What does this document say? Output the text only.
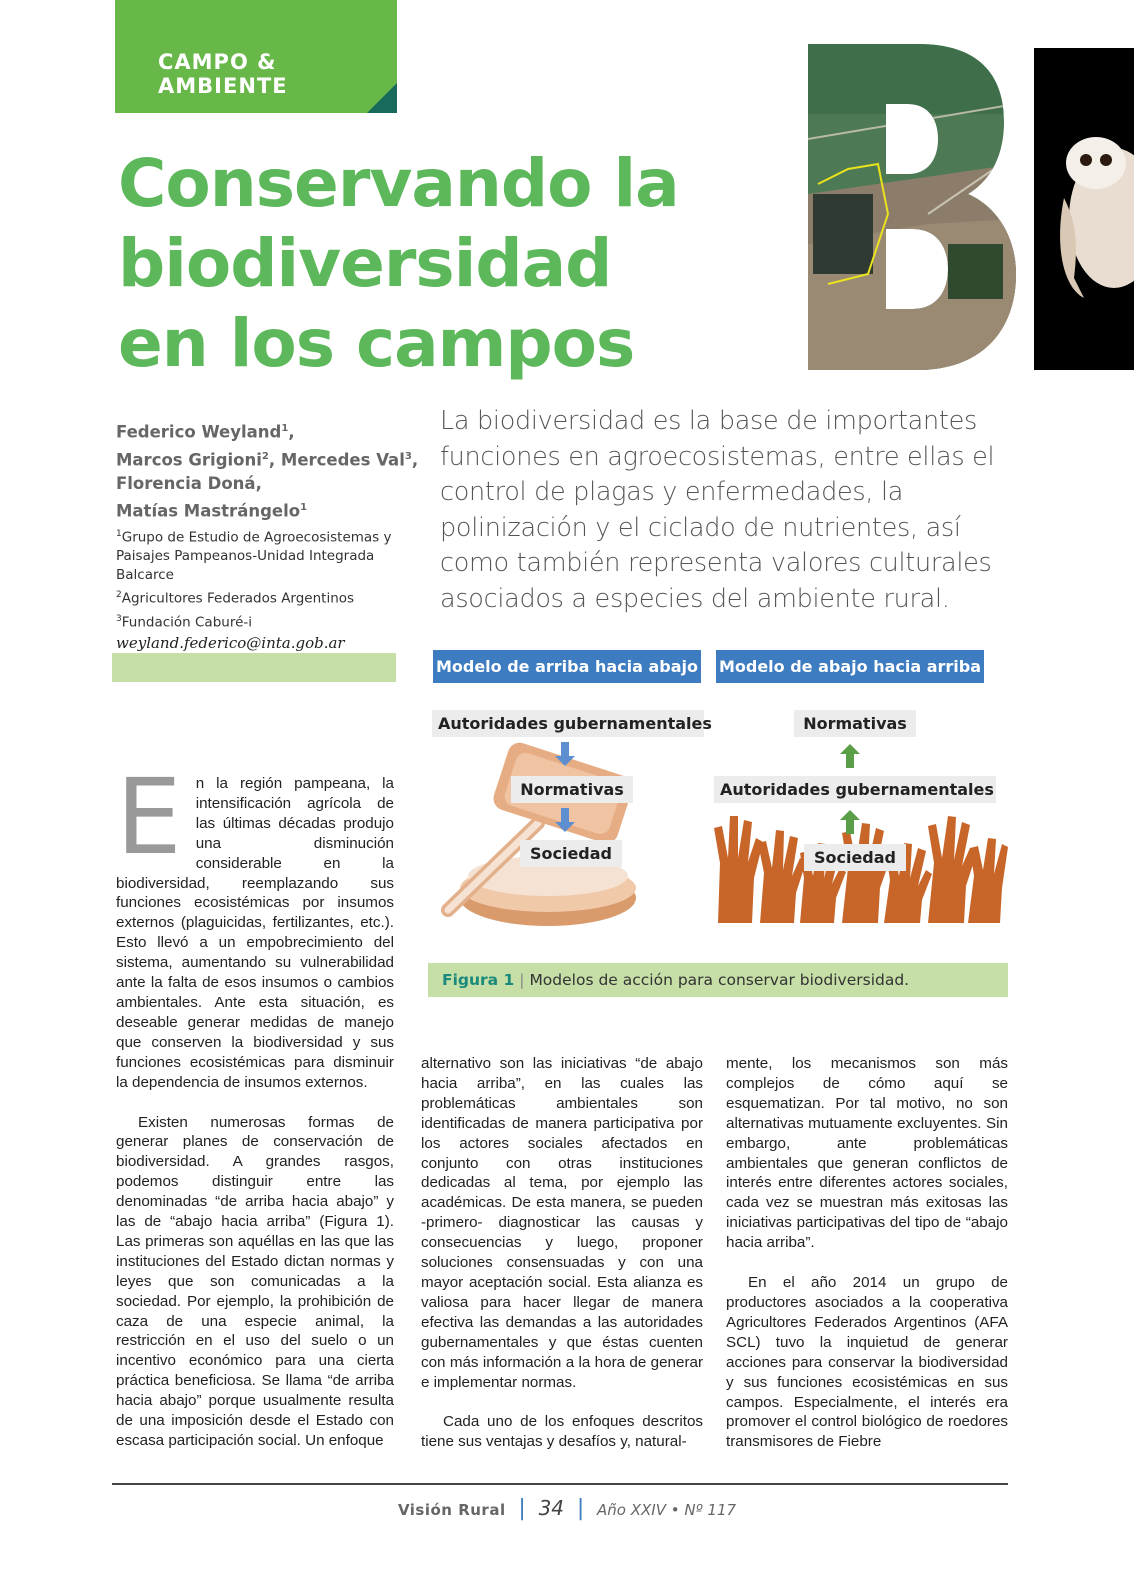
CAMPO & AMBIENTE
Conservando la
biodiversidad
en los campos
Federico Weyland$^1$,
Marcos Grigioni$^2$, Mercedes Val$^3$,
Florencia Doná,
Matías Mastrángelo$^1$
$^1$Grupo de Estudio de Agroecosistemas y Paisajes Pampeanos-Unidad Integrada Balcarce
$^2$Agricultores Federados Argentinos
$^3$Fundación Caburé-i
weyland.federico@inta.gob.ar
La biodiversidad es la base de importantes funciones en agroecosistemas, entre ellas el control de plagas y enfermedades, la polinización y el ciclado de nutrientes, así como también representa valores culturales asociados a especies del ambiente rural.
Modelo de arriba hacia abajo Modelo de abajo hacia arriba
Autoridades gubernamentales
Normativas
Sociedad
Normativas
Autoridades gubernamentales
Sociedad
Figura 1 | Modelos de acción para conservar biodiversidad.

En la región pampeana, la intensificación agrícola de las últimas décadas produjo una disminución considerable en la biodiversidad, reemplazando sus funciones ecosistémicas por insumos externos (plaguicidas, fertilizantes, etc.). Esto llevó a un empobrecimiento del sistema, aumentando su vulnerabilidad ante la falta de esos insumos o cambios ambientales. Ante esta situación, es deseable generar medidas de manejo que conserven la biodiversidad y sus funciones ecosistémicas para disminuir la dependencia de insumos externos.

Existen numerosas formas de generar planes de conservación de biodiversidad. A grandes rasgos, podemos distinguir entre las denominadas “de arriba hacia abajo” y las de “abajo hacia arriba” (Figura 1). Las primeras son aquéllas en las que las instituciones del Estado dictan normas y leyes que son comunicadas a la sociedad. Por ejemplo, la prohibición de caza de una especie animal, la restricción en el uso del suelo o un incentivo económico para una cierta práctica beneficiosa. Se llama “de arriba hacia abajo” porque usualmente resulta de una imposición desde el Estado con escasa participación social. Un enfoque

alternativo son las iniciativas “de abajo hacia arriba”, en las cuales las problemáticas ambientales son identificadas de manera participativa por los actores sociales afectados en conjunto con otras instituciones dedicadas al tema, por ejemplo las académicas. De esta manera, se pueden -primero- diagnosticar las causas y consecuencias y luego, proponer soluciones consensuadas y con una mayor aceptación social. Esta alianza es valiosa para hacer llegar de manera efectiva las demandas a las autoridades gubernamentales y que éstas cuenten con más información a la hora de generar e implementar normas.

Cada uno de los enfoques descritos tiene sus ventajas y desafíos y, natural-

mente, los mecanismos son más complejos de cómo aquí se esquematizan. Por tal motivo, no son alternativas mutuamente excluyentes. Sin embargo, ante problemáticas ambientales que generan conflictos de interés entre diferentes actores sociales, cada vez se muestran más exitosas las iniciativas participativas del tipo de “abajo hacia arriba”.

En el año 2014 un grupo de productores asociados a la cooperativa Agricultores Federados Argentinos (AFA SCL) tuvo la inquietud de generar acciones para conservar la biodiversidad y sus funciones ecosistémicas en sus campos. Especialmente, el interés era promover el control biológico de roedores transmisores de Fiebre

Visión Rural | 34 | Año XXIV • Nº 117
